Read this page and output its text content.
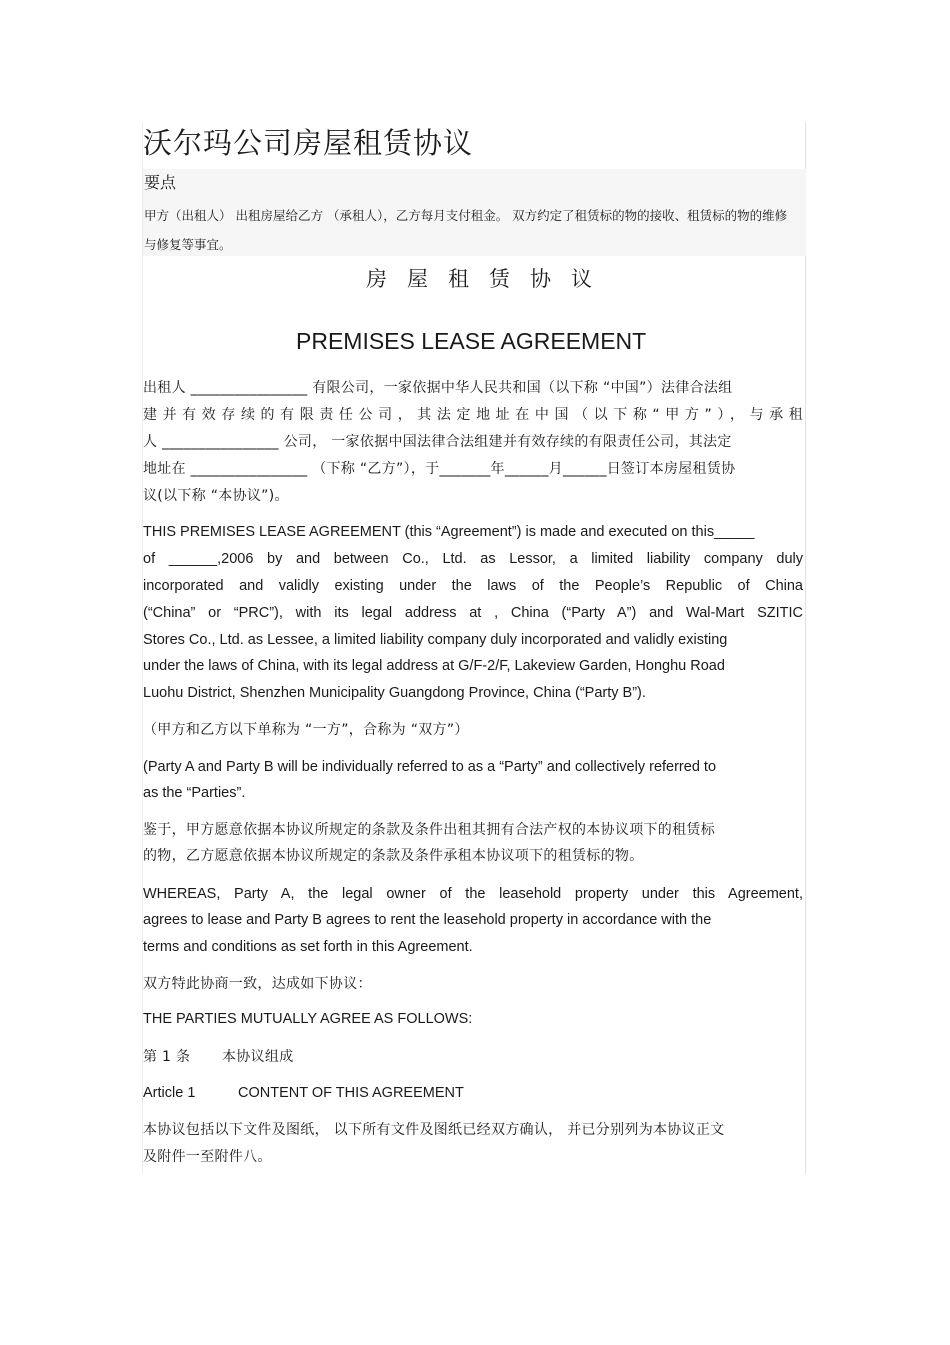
沃尔玛公司房屋租赁协议
要点
甲方（出租人） 出租房屋给乙方 （承租人），乙方每月支付租金。 双方约定了租赁标的物的接收、租赁标的物的维修与修复等事宜。
房屋租赁协议
PREMISES LEASE AGREEMENT
出租人 ________________ 有限公司，一家依据中华人民共和国（以下称 “中国”）法律合法组
建并有效存续的有限责任公司，其法定地址在中国（以下称“甲方”），与承租
人 ________________ 公司， 一家依据中国法律合法组建并有效存续的有限责任公司，其法定
地址在 ________________ （下称 “乙方”），于_______年______月______日签订本房屋租赁协
议(以下称 “本协议”)。
THIS PREMISES LEASE AGREEMENT (this “Agreement”) is made and executed on this_____
of ______,2006 by and between Co., Ltd. as Lessor, a limited liability company duly
incorporated and validly existing under the laws of the People’s Republic of China
(“China” or “PRC”), with its legal address at , China (“Party A”) and Wal-Mart SZITIC
Stores Co., Ltd. as Lessee, a limited liability company duly incorporated and validly existing
under the laws of China, with its legal address at G/F-2/F, Lakeview Garden, Honghu Road
Luohu District, Shenzhen Municipality Guangdong Province, China (“Party B”).
（甲方和乙方以下单称为 “一方”，合称为 “双方”）
(Party A and Party B will be individually referred to as a “Party” and collectively referred to
as the “Parties”.
鉴于，甲方愿意依据本协议所规定的条款及条件出租其拥有合法产权的本协议项下的租赁标
的物，乙方愿意依据本协议所规定的条款及条件承租本协议项下的租赁标的物。
WHEREAS, Party A, the legal owner of the leasehold property under this Agreement,
agrees to lease and Party B agrees to rent the leasehold property in accordance with the
terms and conditions as set forth in this Agreement.
双方特此协商一致，达成如下协议：
THE PARTIES MUTUALLY AGREE AS FOLLOWS:
第 1 条 本协议组成
Article 1	CONTENT OF THIS AGREEMENT
本协议包括以下文件及图纸， 以下所有文件及图纸已经双方确认， 并已分别列为本协议正文
及附件一至附件八。
